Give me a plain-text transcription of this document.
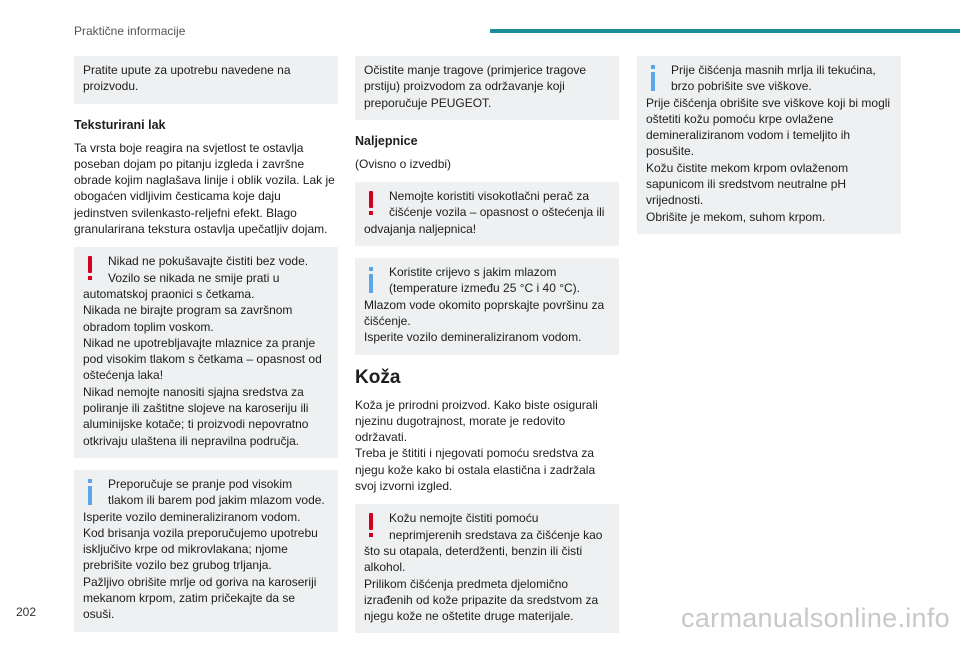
Praktične informacije

Pratite upute za upotrebu navedene na proizvodu.

Teksturirani lak

Ta vrsta boje reagira na svjetlost te ostavlja poseban dojam po pitanju izgleda i završne obrade kojim naglašava linije i oblik vozila. Lak je obogaćen vidljivim česticama koje daju jedinstven svilenkasto-reljefni efekt. Blago granularirana tekstura ostavlja upečatljiv dojam.

Nikad ne pokušavajte čistiti bez vode. Vozilo se nikada ne smije prati u

automatskoj praonici s četkama.

Nikada ne birajte program sa završnom obradom toplim voskom.

Nikad ne upotrebljavajte mlaznice za pranje pod visokim tlakom s četkama – opasnost od oštećenja laka!

Nikad nemojte nanositi sjajna sredstva za poliranje ili zaštitne slojeve na karoseriju ili aluminijske kotače; ti proizvodi nepovratno otkrivaju ulaštena ili nepravilna područja.

Preporučuje se pranje pod visokim tlakom ili barem pod jakim mlazom vode.

Isperite vozilo demineraliziranom vodom.

Kod brisanja vozila preporučujemo upotrebu isključivo krpe od mikrovlakana; njome prebrišite vozilo bez grubog trljanja.

Pažljivo obrišite mrlje od goriva na karoseriji mekanom krpom, zatim pričekajte da se osuši.

Očistite manje tragove (primjerice tragove prstiju) proizvodom za održavanje koji preporučuje PEUGEOT.

Naljepnice

(Ovisno o izvedbi)

Nemojte koristiti visokotlačni perač za čišćenje vozila – opasnost o oštećenja ili

odvajanja naljepnica!

Koristite crijevo s jakim mlazom (temperature između 25 °C i 40 °C).

Mlazom vode okomito poprskajte površinu za čišćenje.

Isperite vozilo demineraliziranom vodom.

Koža

Koža je prirodni proizvod. Kako biste osigurali njezinu dugotrajnost, morate je redovito održavati.

Treba je štititi i njegovati pomoću sredstva za njegu kože kako bi ostala elastična i zadržala svoj izvorni izgled.

Kožu nemojte čistiti pomoću neprimjerenih sredstava za čišćenje kao

što su otapala, deterdženti, benzin ili čisti alkohol.

Prilikom čišćenja predmeta djelomično izrađenih od kože pripazite da sredstvom za njegu kože ne oštetite druge materijale.

Prije čišćenja masnih mrlja ili tekućina, brzo pobrišite sve viškove.

Prije čišćenja obrišite sve viškove koji bi mogli oštetiti kožu pomoću krpe ovlažene demineraliziranom vodom i temeljito ih posušite.

Kožu čistite mekom krpom ovlaženom sapunicom ili sredstvom neutralne pH vrijednosti.

Obrišite je mekom, suhom krpom.

202	carmanualsonline.info
